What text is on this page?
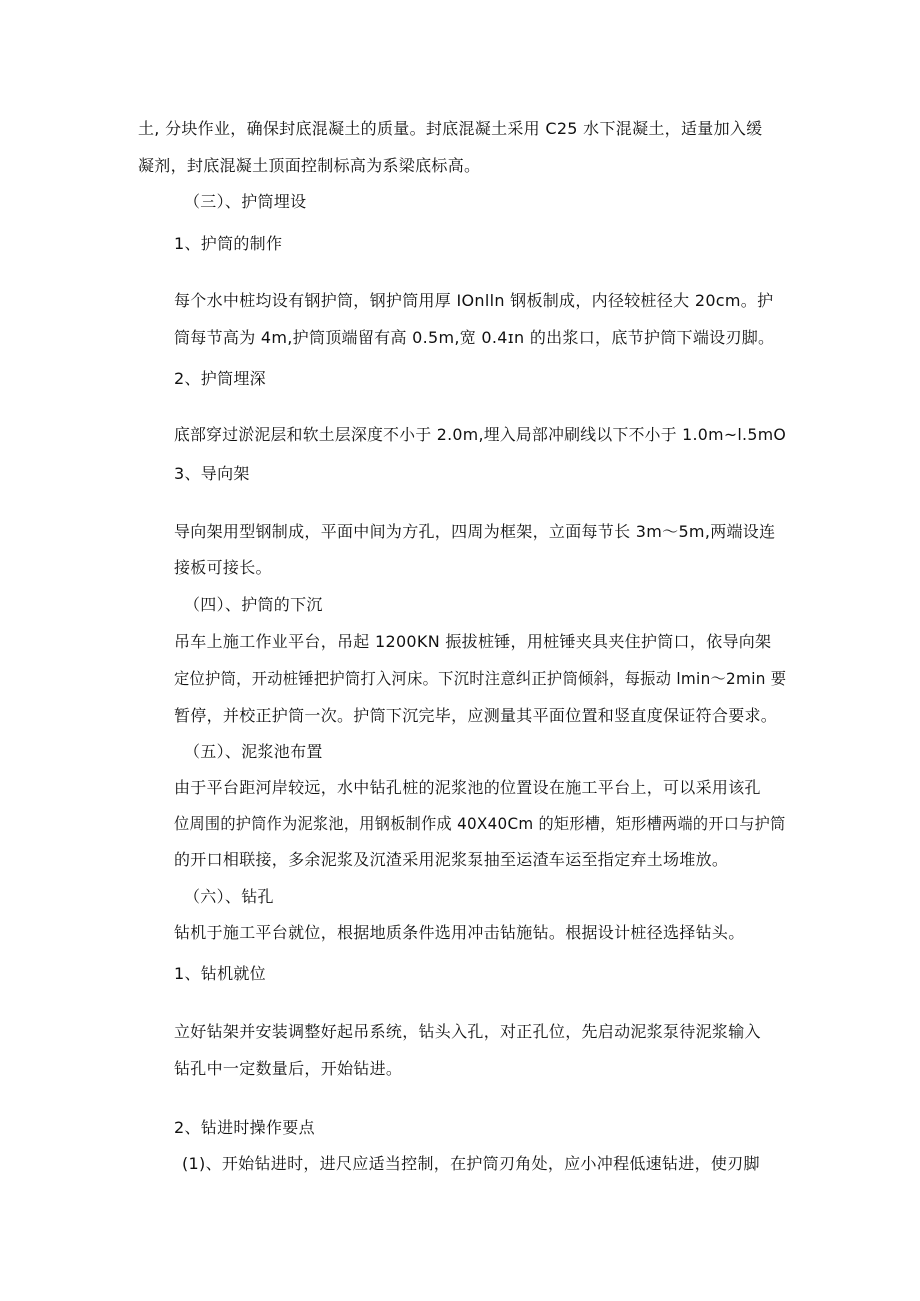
土, 分块作业，确保封底混凝土的质量。封底混凝土采用 C25 水下混凝土，适量加入缓
凝剂，封底混凝土顶面控制标高为系梁底标高。
（三）、护筒埋设
1、护筒的制作
每个水中桩均设有钢护筒，钢护筒用厚 IOnlln 钢板制成，内径较桩径大 20cm。护
筒每节高为 4m,护筒顶端留有高 0.5m,宽 0.4ɪn 的出浆口，底节护筒下端设刃脚。
2、护筒埋深
底部穿过淤泥层和软土层深度不小于 2.0m,埋入局部冲刷线以下不小于 1.0m~l.5mO
3、导向架
导向架用型钢制成，平面中间为方孔，四周为框架，立面每节长 3m～5m,两端设连
接板可接长。
（四）、护筒的下沉
吊车上施工作业平台，吊起 1200KN 振拔桩锤，用桩锤夹具夹住护筒口，依导向架
定位护筒，开动桩锤把护筒打入河床。下沉时注意纠正护筒倾斜，每振动 lmin～2min 要
暂停，并校正护筒一次。护筒下沉完毕，应测量其平面位置和竖直度保证符合要求。
（五）、泥浆池布置
由于平台距河岸较远，水中钻孔桩的泥浆池的位置设在施工平台上，可以采用该孔
位周围的护筒作为泥浆池，用钢板制作成 40X40Cm 的矩形槽，矩形槽两端的开口与护筒
的开口相联接，多余泥浆及沉渣采用泥浆泵抽至运渣车运至指定弃土场堆放。
（六）、钻孔
钻机于施工平台就位，根据地质条件选用冲击钻施钻。根据设计桩径选择钻头。
1、钻机就位
立好钻架并安装调整好起吊系统，钻头入孔，对正孔位，先启动泥浆泵待泥浆输入
钻孔中一定数量后，开始钻进。
2、钻进时操作要点
(1)、开始钻进时，进尺应适当控制，在护筒刃角处，应小冲程低速钻进，使刃脚
